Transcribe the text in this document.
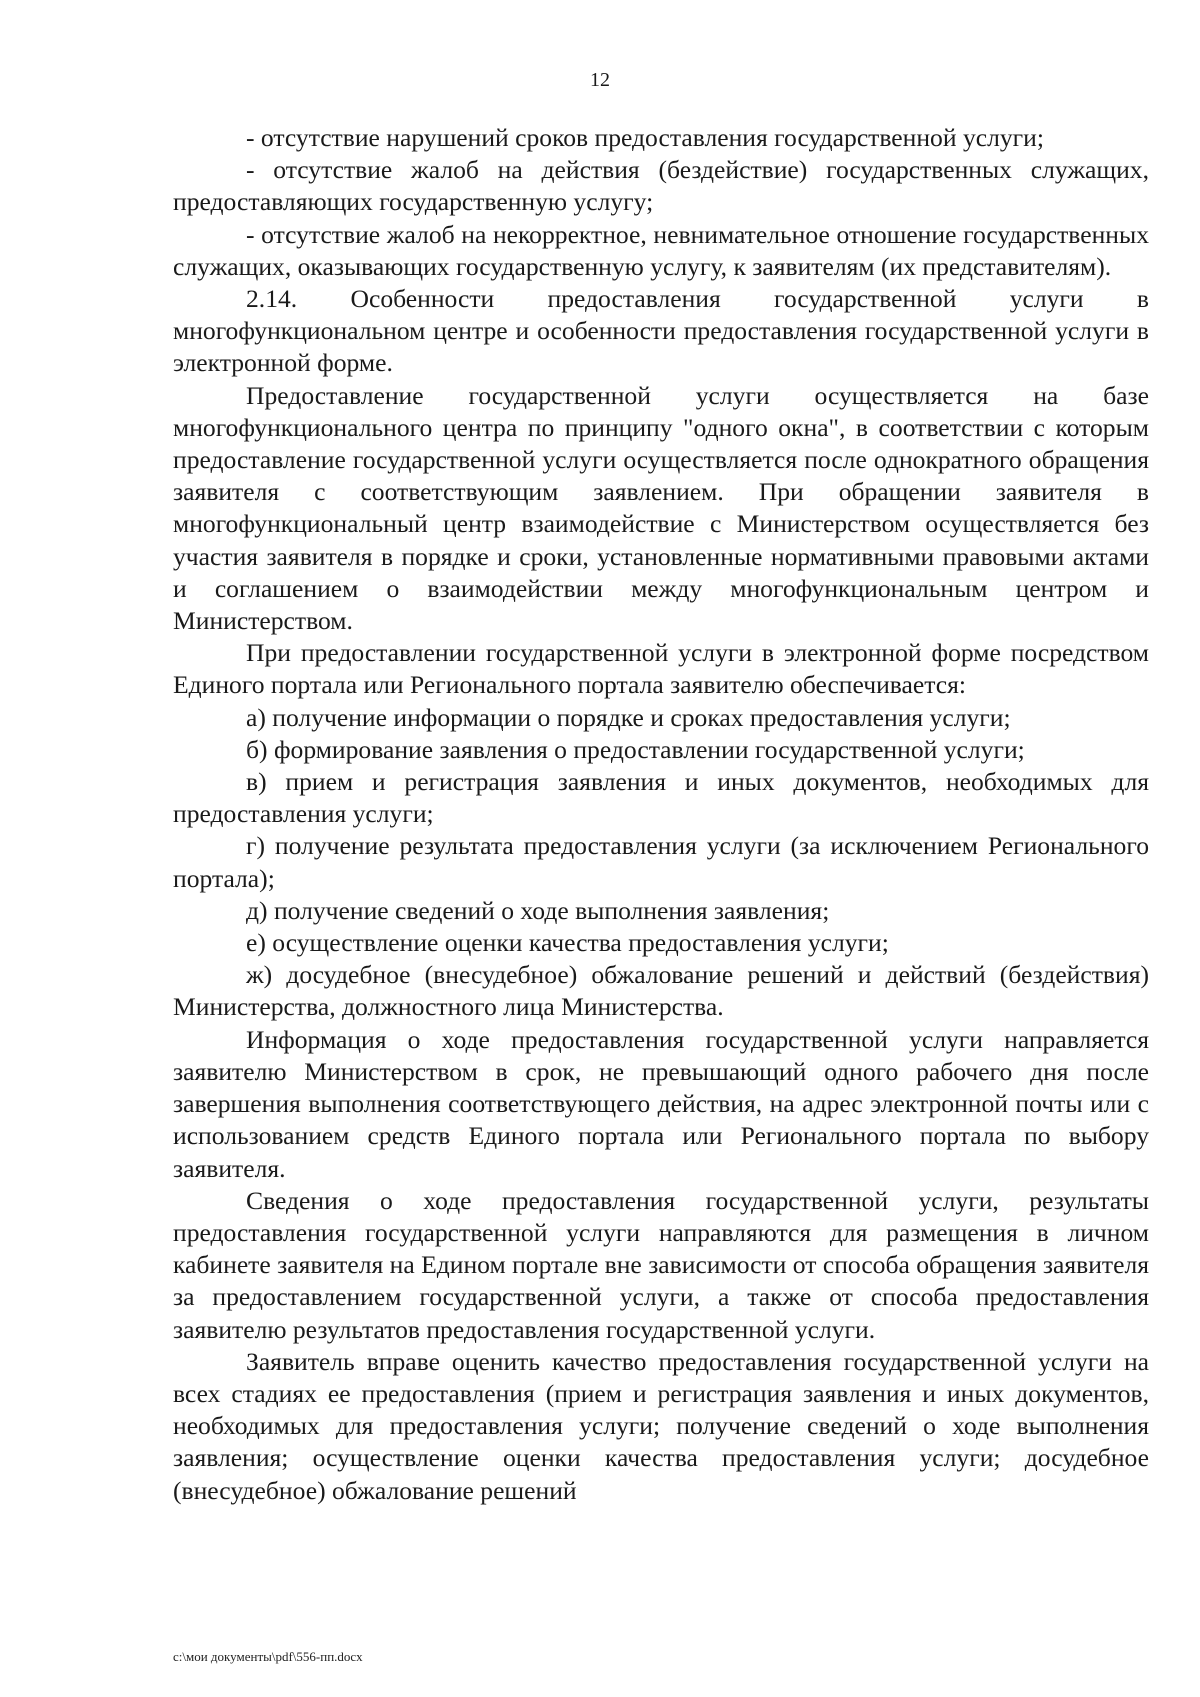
12

- отсутствие нарушений сроков предоставления государственной услуги;

- отсутствие жалоб на действия (бездействие) государственных служащих, предоставляющих государственную услугу;

- отсутствие жалоб на некорректное, невнимательное отношение государственных служащих, оказывающих государственную услугу, к заявителям (их представителям).

2.14. Особенности предоставления государственной услуги в многофункциональном центре и особенности предоставления государственной услуги в электронной форме.

Предоставление государственной услуги осуществляется на базе многофункционального центра по принципу "одного окна", в соответствии с которым предоставление государственной услуги осуществляется после однократного обращения заявителя с соответствующим заявлением. При обращении заявителя в многофункциональный центр взаимодействие с Министерством осуществляется без участия заявителя в порядке и сроки, установленные нормативными правовыми актами и соглашением о взаимодействии между многофункциональным центром и Министерством.

При предоставлении государственной услуги в электронной форме посредством Единого портала или Регионального портала заявителю обеспечивается:

а) получение информации о порядке и сроках предоставления услуги;

б) формирование заявления о предоставлении государственной услуги;

в) прием и регистрация заявления и иных документов, необходимых для предоставления услуги;

г) получение результата предоставления услуги (за исключением Регионального портала);

д) получение сведений о ходе выполнения заявления;

е) осуществление оценки качества предоставления услуги;

ж) досудебное (внесудебное) обжалование решений и действий (бездействия) Министерства, должностного лица Министерства.

Информация о ходе предоставления государственной услуги направляется заявителю Министерством в срок, не превышающий одного рабочего дня после завершения выполнения соответствующего действия, на адрес электронной почты или с использованием средств Единого портала или Регионального портала по выбору заявителя.

Сведения о ходе предоставления государственной услуги, результаты предоставления государственной услуги направляются для размещения в личном кабинете заявителя на Едином портале вне зависимости от способа обращения заявителя за предоставлением государственной услуги, а также от способа предоставления заявителю результатов предоставления государственной услуги.

Заявитель вправе оценить качество предоставления государственной услуги на всех стадиях ее предоставления (прием и регистрация заявления и иных документов, необходимых для предоставления услуги; получение сведений о ходе выполнения заявления; осуществление оценки качества предоставления услуги; досудебное (внесудебное) обжалование решений

c:\мои документы\pdf\556-пп.docx
